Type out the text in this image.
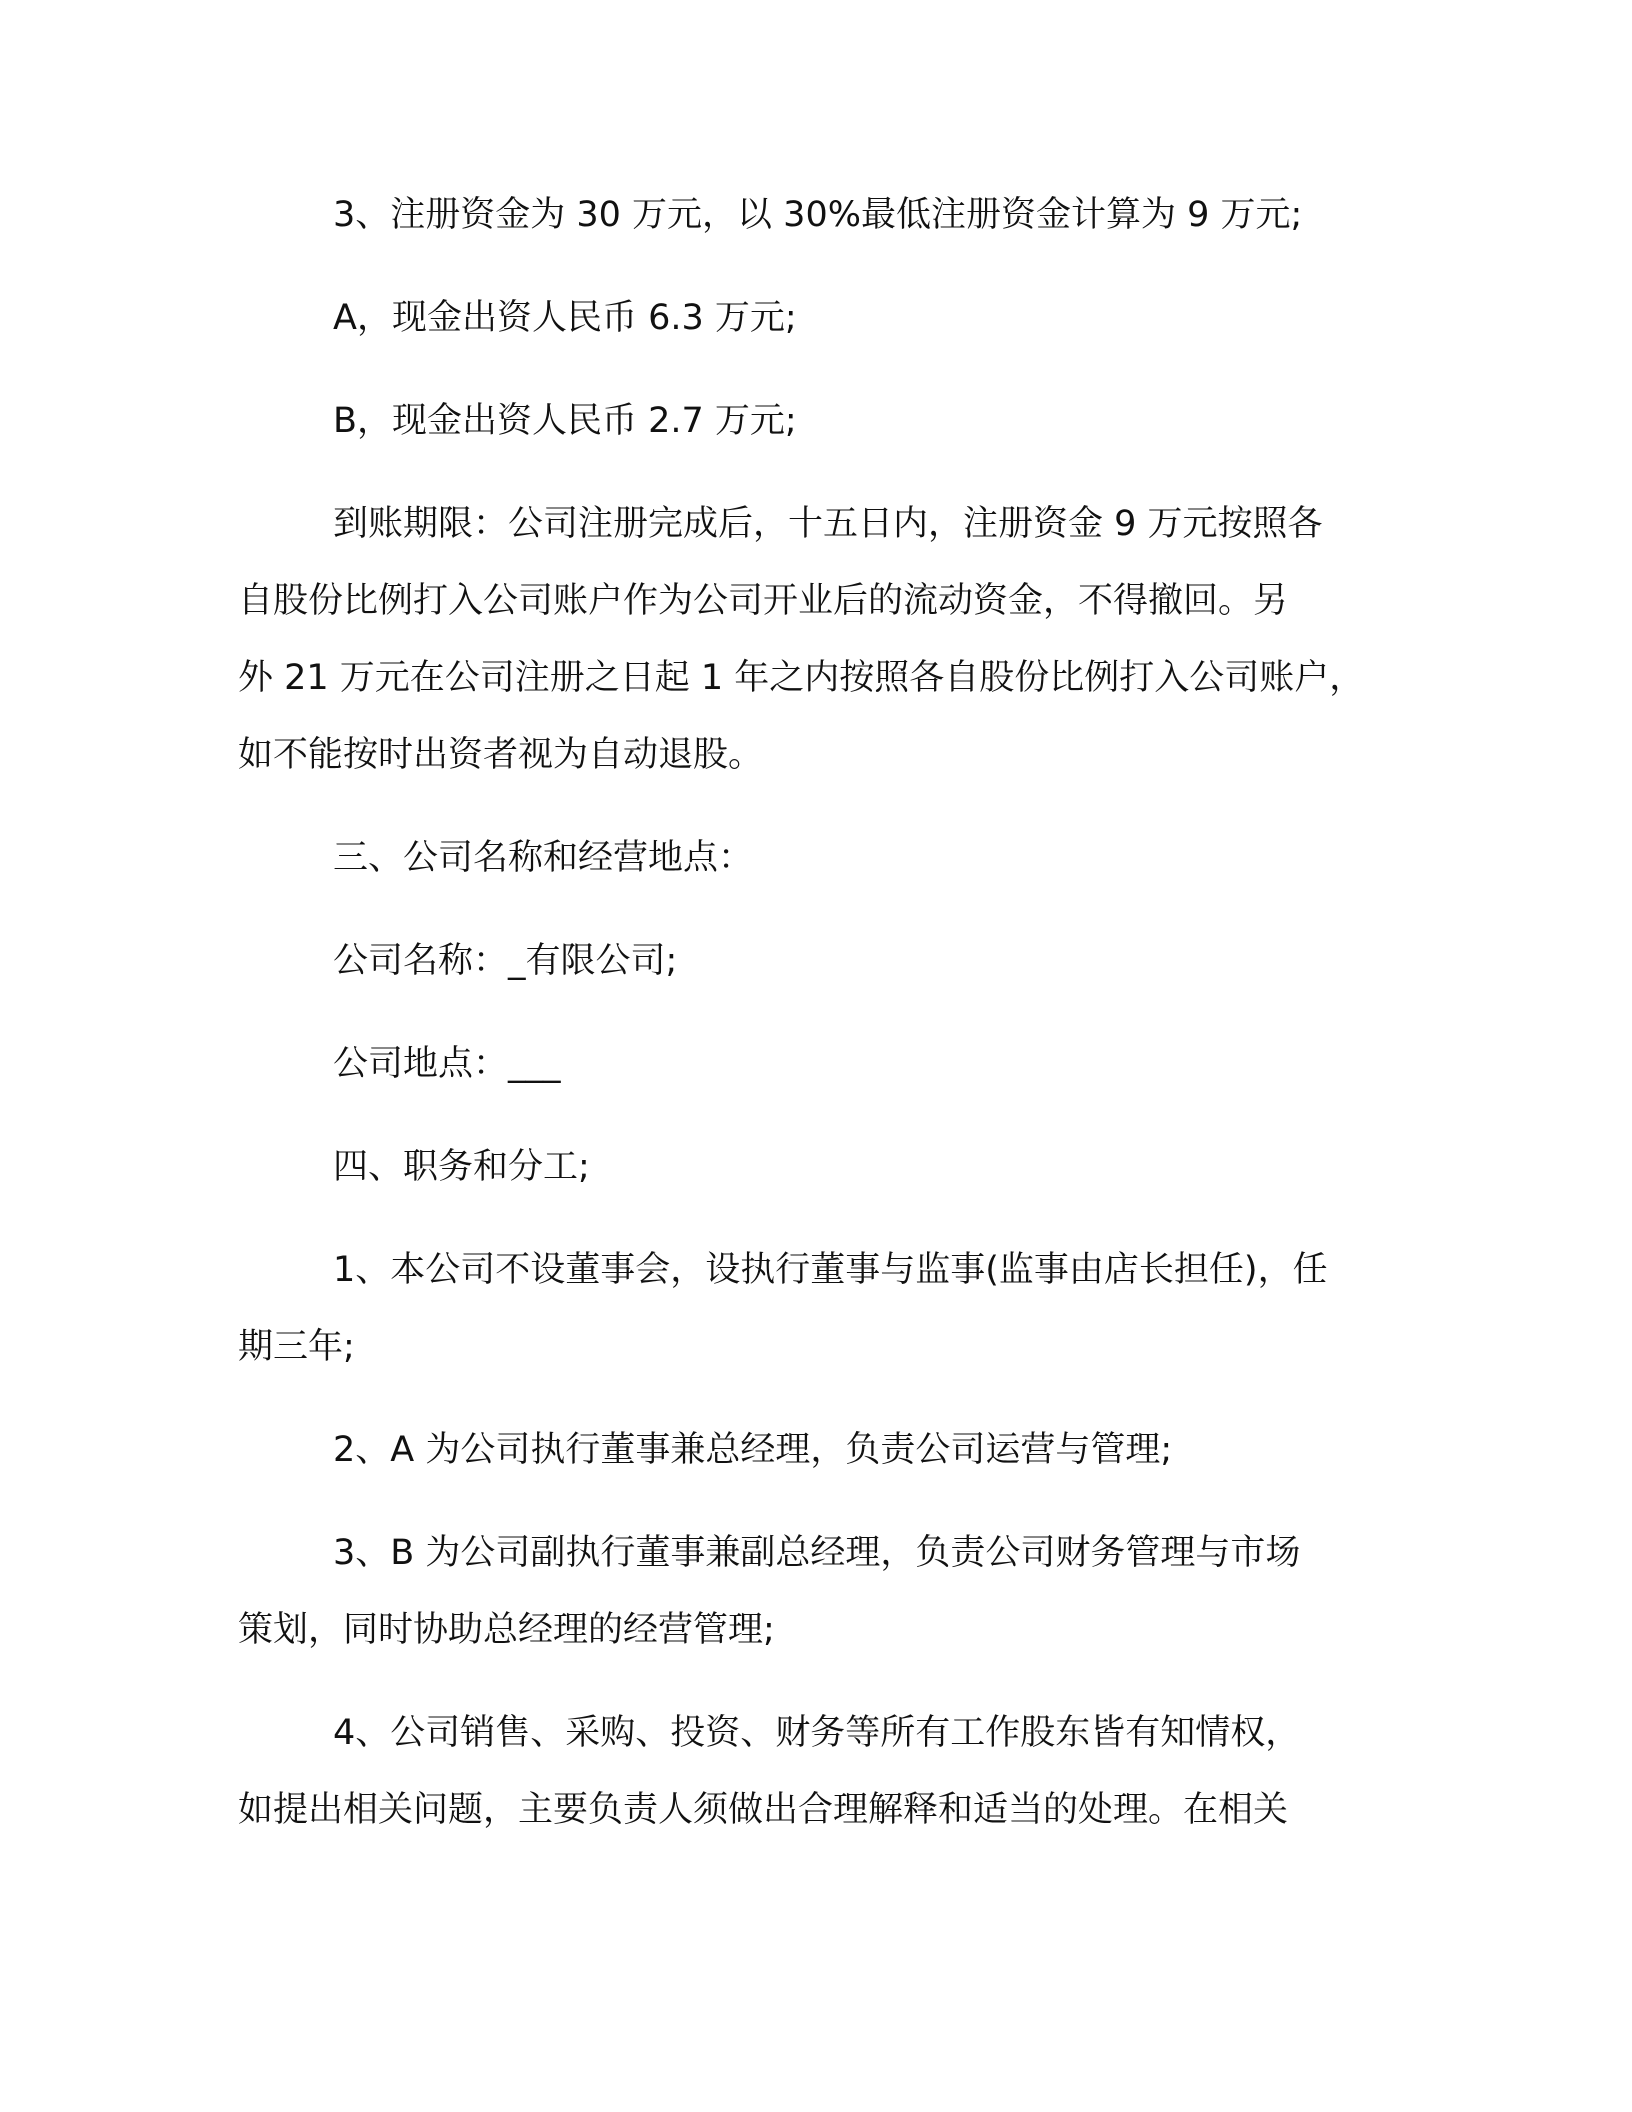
3、注册资金为 30 万元，以 30%最低注册资金计算为 9 万元;

A，现金出资人民币 6.3 万元;

B，现金出资人民币 2.7 万元;

到账期限：公司注册完成后，十五日内，注册资金 9 万元按照各

自股份比例打入公司账户作为公司开业后的流动资金，不得撤回。另

外 21 万元在公司注册之日起 1 年之内按照各自股份比例打入公司账户，

如不能按时出资者视为自动退股。

三、公司名称和经营地点：

公司名称：_有限公司;

公司地点：___

四、职务和分工;

1、本公司不设董事会，设执行董事与监事(监事由店长担任)，任

期三年;

2、A 为公司执行董事兼总经理，负责公司运营与管理;

3、B 为公司副执行董事兼副总经理，负责公司财务管理与市场

策划，同时协助总经理的经营管理;

4、公司销售、采购、投资、财务等所有工作股东皆有知情权，

如提出相关问题，主要负责人须做出合理解释和适当的处理。在相关
